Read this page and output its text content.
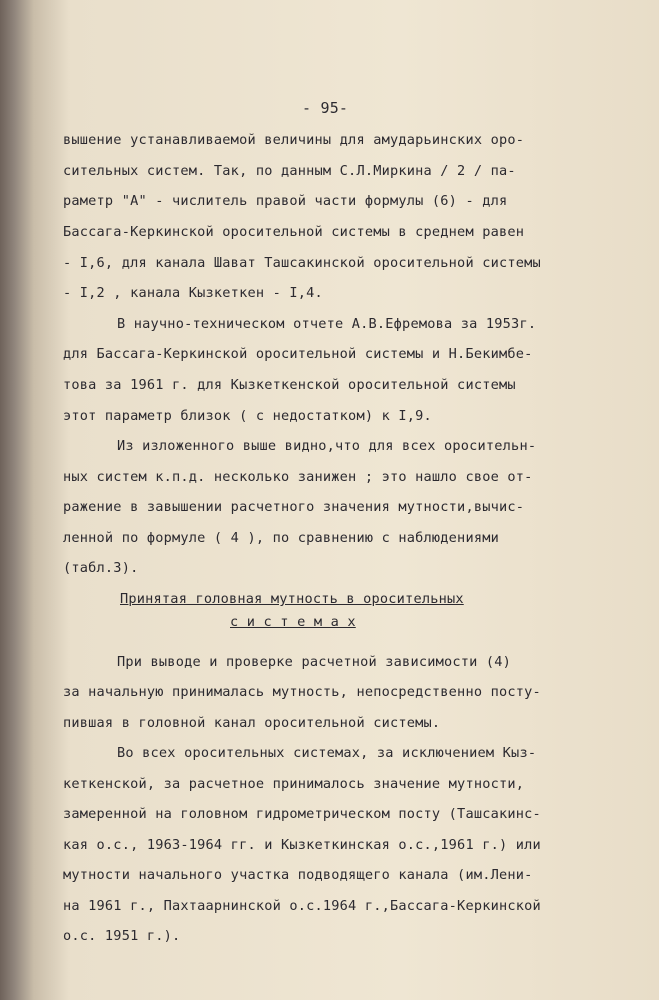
- 95-

вышение устанавливаемой величины для амударьинских оро-

сительных систем. Так, по данным С.Л.Миркина / 2 / па-

раметр "А" - числитель правой части формулы (6) - для

Бассага-Керкинской оросительной системы в среднем равен

- I,6, для канала Шават Ташсакинской оросительной системы

- I,2 , канала Кызкеткен - I,4.

В научно-техническом отчете А.В.Ефремова за 1953г.

для Бассага-Керкинской оросительной системы и Н.Бекимбе-

това за 1961 г. для Кызкеткенской оросительной системы

этот параметр близок ( с недостатком) к I,9.

Из изложенного выше видно,что для всех оросительн-

ных систем к.п.д. несколько занижен ; это нашло свое от-

ражение в завышении расчетного значения мутности,вычис-

ленной по формуле ( 4 ), по сравнению с наблюдениями

(табл.3).

Принятая головная мутность в оросительных

с и с т е м а х

При выводе и проверке расчетной зависимости (4)

за начальную принималась мутность, непосредственно посту-

пившая в головной канал оросительной системы.

Во всех оросительных системах, за исключением Кыз-

кеткенской, за расчетное принималось значение мутности,

замеренной на головном гидрометрическом посту (Ташсакинс-

кая о.с., 1963-1964 гг. и Кызкеткинская о.с.,1961 г.) или

мутности начального участка подводящего канала (им.Лени-

на 1961 г., Пахтаарнинской о.с.1964 г.,Бассага-Керкинской

о.с. 1951 г.).
